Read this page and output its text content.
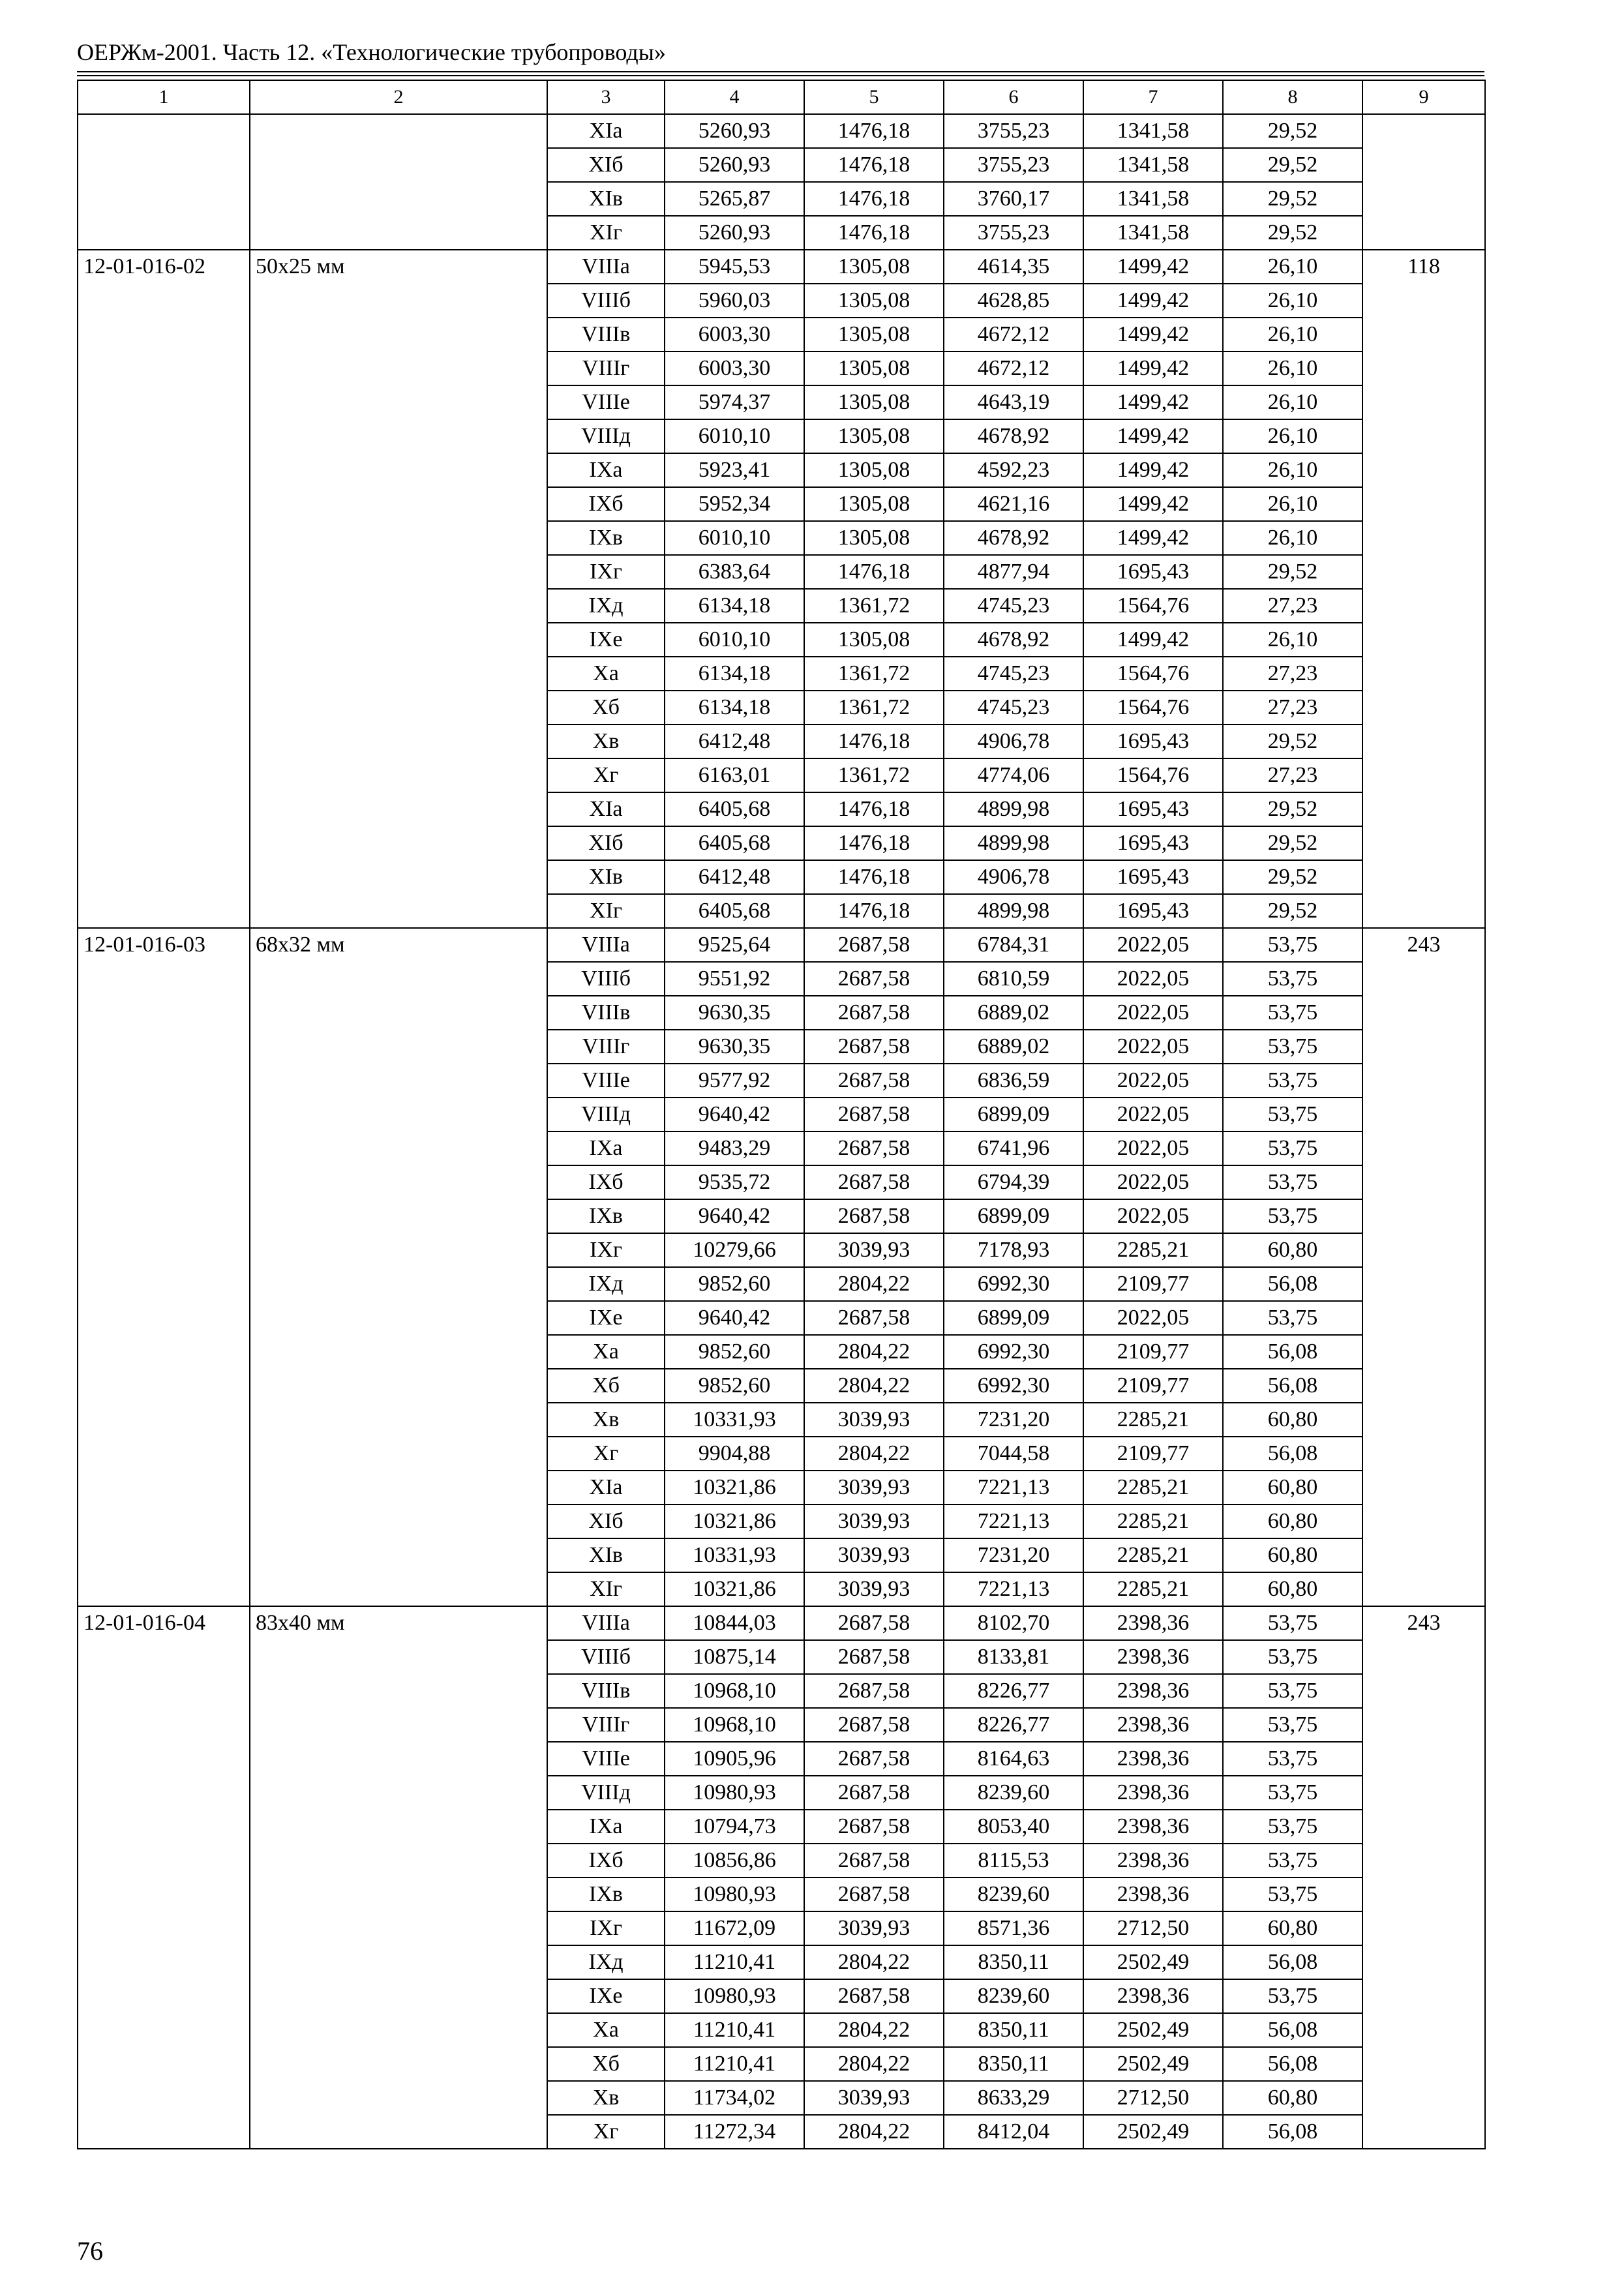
ОЕРЖм-2001. Часть 12. «Технологические трубопроводы»
1	2	3	4	5	6	7	8	9
		XIа	5260,93	1476,18	3755,23	1341,58	29,52	
		XIб	5260,93	1476,18	3755,23	1341,58	29,52	
		XIв	5265,87	1476,18	3760,17	1341,58	29,52	
		XIг	5260,93	1476,18	3755,23	1341,58	29,52	
12-01-016-02	50х25 мм	VIIIа	5945,53	1305,08	4614,35	1499,42	26,10	118
		VIIIб	5960,03	1305,08	4628,85	1499,42	26,10	
		VIIIв	6003,30	1305,08	4672,12	1499,42	26,10	
		VIIIг	6003,30	1305,08	4672,12	1499,42	26,10	
		VIIIе	5974,37	1305,08	4643,19	1499,42	26,10	
		VIIIд	6010,10	1305,08	4678,92	1499,42	26,10	
		IXа	5923,41	1305,08	4592,23	1499,42	26,10	
		IXб	5952,34	1305,08	4621,16	1499,42	26,10	
		IXв	6010,10	1305,08	4678,92	1499,42	26,10	
		IXг	6383,64	1476,18	4877,94	1695,43	29,52	
		IXд	6134,18	1361,72	4745,23	1564,76	27,23	
		IXе	6010,10	1305,08	4678,92	1499,42	26,10	
		Xа	6134,18	1361,72	4745,23	1564,76	27,23	
		Xб	6134,18	1361,72	4745,23	1564,76	27,23	
		Xв	6412,48	1476,18	4906,78	1695,43	29,52	
		Xг	6163,01	1361,72	4774,06	1564,76	27,23	
		XIа	6405,68	1476,18	4899,98	1695,43	29,52	
		XIб	6405,68	1476,18	4899,98	1695,43	29,52	
		XIв	6412,48	1476,18	4906,78	1695,43	29,52	
		XIг	6405,68	1476,18	4899,98	1695,43	29,52	
12-01-016-03	68х32 мм	VIIIа	9525,64	2687,58	6784,31	2022,05	53,75	243
		VIIIб	9551,92	2687,58	6810,59	2022,05	53,75	
		VIIIв	9630,35	2687,58	6889,02	2022,05	53,75	
		VIIIг	9630,35	2687,58	6889,02	2022,05	53,75	
		VIIIе	9577,92	2687,58	6836,59	2022,05	53,75	
		VIIIд	9640,42	2687,58	6899,09	2022,05	53,75	
		IXа	9483,29	2687,58	6741,96	2022,05	53,75	
		IXб	9535,72	2687,58	6794,39	2022,05	53,75	
		IXв	9640,42	2687,58	6899,09	2022,05	53,75	
		IXг	10279,66	3039,93	7178,93	2285,21	60,80	
		IXд	9852,60	2804,22	6992,30	2109,77	56,08	
		IXе	9640,42	2687,58	6899,09	2022,05	53,75	
		Xа	9852,60	2804,22	6992,30	2109,77	56,08	
		Xб	9852,60	2804,22	6992,30	2109,77	56,08	
		Xв	10331,93	3039,93	7231,20	2285,21	60,80	
		Xг	9904,88	2804,22	7044,58	2109,77	56,08	
		XIа	10321,86	3039,93	7221,13	2285,21	60,80	
		XIб	10321,86	3039,93	7221,13	2285,21	60,80	
		XIв	10331,93	3039,93	7231,20	2285,21	60,80	
		XIг	10321,86	3039,93	7221,13	2285,21	60,80	
12-01-016-04	83х40 мм	VIIIа	10844,03	2687,58	8102,70	2398,36	53,75	243
		VIIIб	10875,14	2687,58	8133,81	2398,36	53,75	
		VIIIв	10968,10	2687,58	8226,77	2398,36	53,75	
		VIIIг	10968,10	2687,58	8226,77	2398,36	53,75	
		VIIIе	10905,96	2687,58	8164,63	2398,36	53,75	
		VIIIд	10980,93	2687,58	8239,60	2398,36	53,75	
		IXа	10794,73	2687,58	8053,40	2398,36	53,75	
		IXб	10856,86	2687,58	8115,53	2398,36	53,75	
		IXв	10980,93	2687,58	8239,60	2398,36	53,75	
		IXг	11672,09	3039,93	8571,36	2712,50	60,80	
		IXд	11210,41	2804,22	8350,11	2502,49	56,08	
		IXе	10980,93	2687,58	8239,60	2398,36	53,75	
		Xа	11210,41	2804,22	8350,11	2502,49	56,08	
		Xб	11210,41	2804,22	8350,11	2502,49	56,08	
		Xв	11734,02	3039,93	8633,29	2712,50	60,80	
		Xг	11272,34	2804,22	8412,04	2502,49	56,08	
76
